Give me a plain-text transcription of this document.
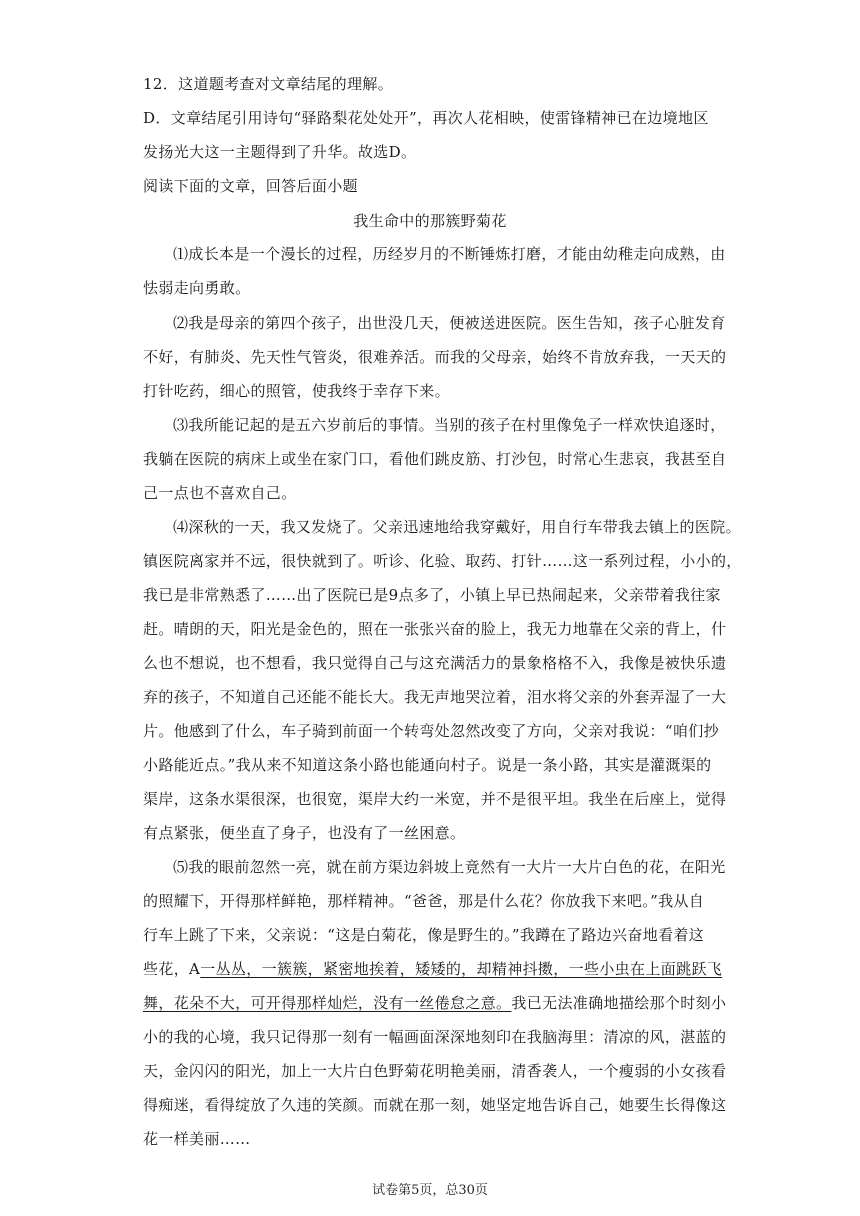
12．这道题考查对文章结尾的理解。
D．文章结尾引用诗句“驿路梨花处处开”，再次人花相映，使雷锋精神已在边境地区
发扬光大这一主题得到了升华。故选D。
阅读下面的文章，回答后面小题
我生命中的那簇野菊花
⑴成长本是一个漫长的过程，历经岁月的不断锤炼打磨，才能由幼稚走向成熟，由
怯弱走向勇敢。
⑵我是母亲的第四个孩子，出世没几天，便被送进医院。医生告知，孩子心脏发育
不好，有肺炎、先天性气管炎，很难养活。而我的父母亲，始终不肯放弃我，一天天的
打针吃药，细心的照管，使我终于幸存下来。
⑶我所能记起的是五六岁前后的事情。当别的孩子在村里像兔子一样欢快追逐时，
我躺在医院的病床上或坐在家门口，看他们跳皮筋、打沙包，时常心生悲哀，我甚至自
己一点也不喜欢自己。
⑷深秋的一天，我又发烧了。父亲迅速地给我穿戴好，用自行车带我去镇上的医院。
镇医院离家并不远，很快就到了。听诊、化验、取药、打针……这一系列过程，小小的，
我已是非常熟悉了……出了医院已是9点多了，小镇上早已热闹起来，父亲带着我往家
赶。晴朗的天，阳光是金色的，照在一张张兴奋的脸上，我无力地靠在父亲的背上，什
么也不想说，也不想看，我只觉得自己与这充满活力的景象格格不入，我像是被快乐遗
弃的孩子，不知道自己还能不能长大。我无声地哭泣着，泪水将父亲的外套弄湿了一大
片。他感到了什么，车子骑到前面一个转弯处忽然改变了方向，父亲对我说：“咱们抄
小路能近点。”我从来不知道这条小路也能通向村子。说是一条小路，其实是灌溉渠的
渠岸，这条水渠很深，也很宽，渠岸大约一米宽，并不是很平坦。我坐在后座上，觉得
有点紧张，便坐直了身子，也没有了一丝困意。
⑸我的眼前忽然一亮，就在前方渠边斜坡上竟然有一大片一大片白色的花，在阳光
的照耀下，开得那样鲜艳，那样精神。“爸爸，那是什么花？你放我下来吧。”我从自
行车上跳了下来，父亲说：“这是白菊花，像是野生的。”我蹲在了路边兴奋地看着这
些花，A一丛丛，一簇簇，紧密地挨着，矮矮的，却精神抖擞，一些小虫在上面跳跃飞
舞，花朵不大，可开得那样灿烂，没有一丝倦怠之意。我已无法准确地描绘那个时刻小
小的我的心境，我只记得那一刻有一幅画面深深地刻印在我脑海里：清凉的风，湛蓝的
天，金闪闪的阳光，加上一大片白色野菊花明艳美丽，清香袭人，一个瘦弱的小女孩看
得痴迷，看得绽放了久违的笑颜。而就在那一刻，她坚定地告诉自己，她要生长得像这
花一样美丽……
试卷第5页，总30页
